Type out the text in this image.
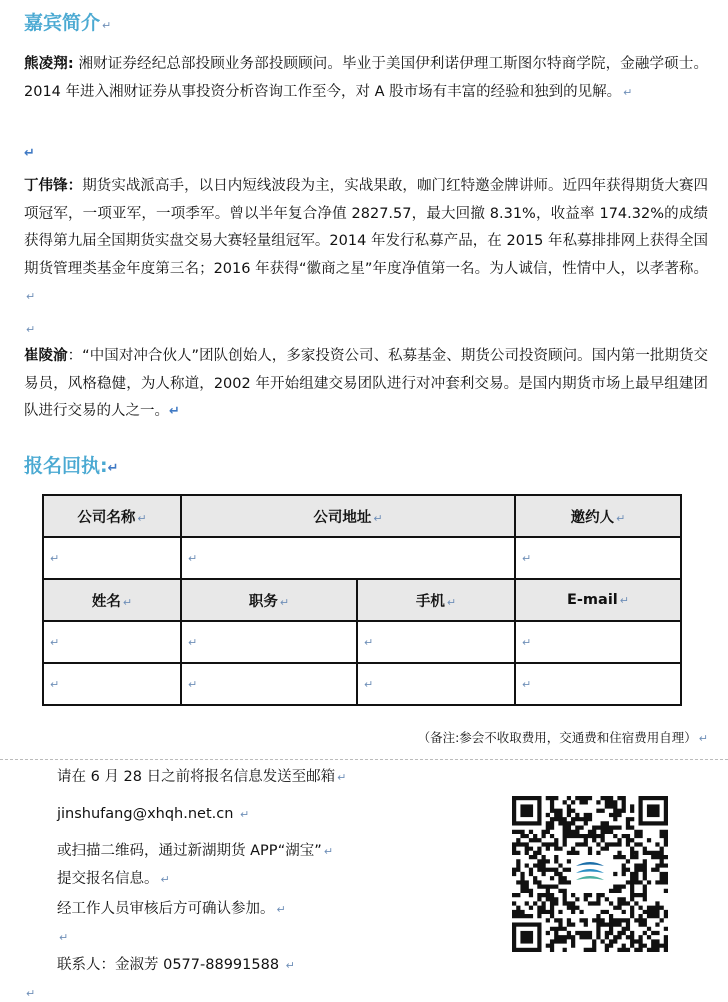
嘉宾简介 ↵
熊凌翔: 湘财证券经纪总部投顾业务部投顾顾问。毕业于美国伊利诺伊理工斯图尔特商学院，金融学硕士。2014 年进入湘财证券从事投资分析咨询工作至今，对 A 股市场有丰富的经验和独到的见解。 ↵
↵
丁伟锋：期货实战派高手，以日内短线波段为主，实战果敢，咖门红特邀金牌讲师。近四年获得期货大赛四项冠军，一项亚军，一项季军。曾以半年复合净值 2827.57，最大回撤 8.31%，收益率 174.32%的成绩获得第九届全国期货实盘交易大赛轻量组冠军。2014 年发行私募产品，在 2015 年私募排排网上获得全国期货管理类基金年度第三名；2016 年获得“徽商之星”年度净值第一名。为人诚信，性情中人，以孝著称。↵
↵
崔陵渝：“中国对冲合伙人”团队创始人，多家投资公司、私募基金、期货公司投资顾问。国内第一批期货交易员，风格稳健，为人称道，2002 年开始组建交易团队进行对冲套利交易。是国内期货市场上最早组建团队进行交易的人之一。↵
报名回执:↵
公司名称 ↵	公司地址 ↵		邀约人 ↵
↵	↵		↵
姓名 ↵	职务 ↵	手机 ↵	E-mail ↵
↵	↵	↵	↵
↵	↵	↵	↵
（备注:参会不收取费用，交通费和住宿费用自理） ↵
请在 6 月 28 日之前将报名信息发送至邮箱 ↵
jinshufang@xhqh.net.cn ↵
或扫描二维码，通过新湖期货 APP“湖宝” ↵
提交报名信息。 ↵
经工作人员审核后方可确认参加。 ↵
↵
联系人：金淑芳 0577-88991588 ↵
↵
